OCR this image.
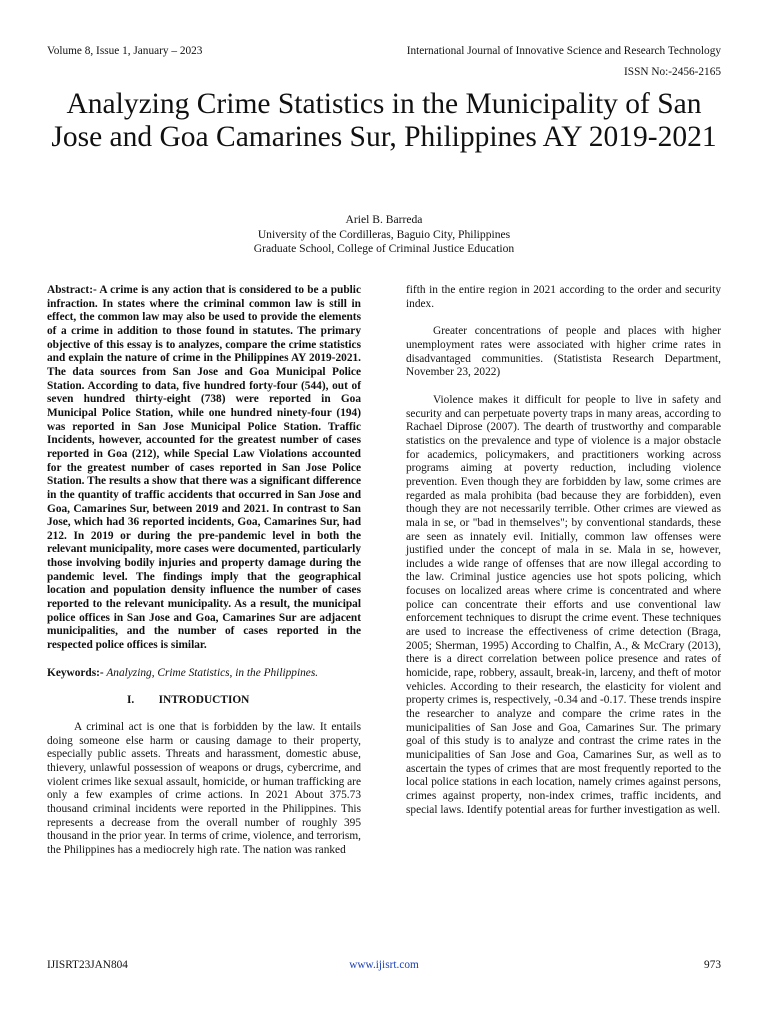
Volume 8, Issue 1, January – 2023	International Journal of Innovative Science and Research Technology
ISSN No:-2456-2165
Analyzing Crime Statistics in the Municipality of San Jose and Goa Camarines Sur, Philippines AY 2019-2021
Ariel B. Barreda
University of the Cordilleras, Baguio City, Philippines
Graduate School, College of Criminal Justice Education

Abstract:- A crime is any action that is considered to be a public infraction. In states where the criminal common law is still in effect, the common law may also be used to provide the elements of a crime in addition to those found in statutes. The primary objective of this essay is to analyzes, compare the crime statistics and explain the nature of crime in the Philippines AY 2019-2021. The data sources from San Jose and Goa Municipal Police Station. According to data, five hundred forty-four (544), out of seven hundred thirty-eight (738) were reported in Goa Municipal Police Station, while one hundred ninety-four (194) was reported in San Jose Municipal Police Station. Traffic Incidents, however, accounted for the greatest number of cases reported in Goa (212), while Special Law Violations accounted for the greatest number of cases reported in San Jose Police Station. The results a show that there was a significant difference in the quantity of traffic accidents that occurred in San Jose and Goa, Camarines Sur, between 2019 and 2021. In contrast to San Jose, which had 36 reported incidents, Goa, Camarines Sur, had 212. In 2019 or during the pre-pandemic level in both the relevant municipality, more cases were documented, particularly those involving bodily injuries and property damage during the pandemic level. The findings imply that the geographical location and population density influence the number of cases reported to the relevant municipality. As a result, the municipal police offices in San Jose and Goa, Camarines Sur are adjacent municipalities, and the number of cases reported in the respected police offices is similar.

Keywords:- Analyzing, Crime Statistics, in the Philippines.

I. INTRODUCTION

A criminal act is one that is forbidden by the law. It entails doing someone else harm or causing damage to their property, especially public assets. Threats and harassment, domestic abuse, thievery, unlawful possession of weapons or drugs, cybercrime, and violent crimes like sexual assault, homicide, or human trafficking are only a few examples of crime actions. In 2021 About 375.73 thousand criminal incidents were reported in the Philippines. This represents a decrease from the overall number of roughly 395 thousand in the prior year. In terms of crime, violence, and terrorism, the Philippines has a mediocrely high rate. The nation was ranked

fifth in the entire region in 2021 according to the order and security index.

Greater concentrations of people and places with higher unemployment rates were associated with higher crime rates in disadvantaged communities. (Statistista Research Department, November 23, 2022)

Violence makes it difficult for people to live in safety and security and can perpetuate poverty traps in many areas, according to Rachael Diprose (2007). The dearth of trustworthy and comparable statistics on the prevalence and type of violence is a major obstacle for academics, policymakers, and practitioners working across programs aiming at poverty reduction, including violence prevention. Even though they are forbidden by law, some crimes are regarded as mala prohibita (bad because they are forbidden), even though they are not necessarily terrible. Other crimes are viewed as mala in se, or "bad in themselves"; by conventional standards, these are seen as innately evil. Initially, common law offenses were justified under the concept of mala in se. Mala in se, however, includes a wide range of offenses that are now illegal according to the law. Criminal justice agencies use hot spots policing, which focuses on localized areas where crime is concentrated and where police can concentrate their efforts and use conventional law enforcement techniques to disrupt the crime event. These techniques are used to increase the effectiveness of crime detection (Braga, 2005; Sherman, 1995) According to Chalfin, A., & McCrary (2013), there is a direct correlation between police presence and rates of homicide, rape, robbery, assault, break-in, larceny, and theft of motor vehicles. According to their research, the elasticity for violent and property crimes is, respectively, -0.34 and -0.17. These trends inspire the researcher to analyze and compare the crime rates in the municipalities of San Jose and Goa, Camarines Sur. The primary goal of this study is to analyze and contrast the crime rates in the municipalities of San Jose and Goa, Camarines Sur, as well as to ascertain the types of crimes that are most frequently reported to the local police stations in each location, namely crimes against persons, crimes against property, non-index crimes, traffic incidents, and special laws. Identify potential areas for further investigation as well.

IJISRT23JAN804	www.ijisrt.com	973
